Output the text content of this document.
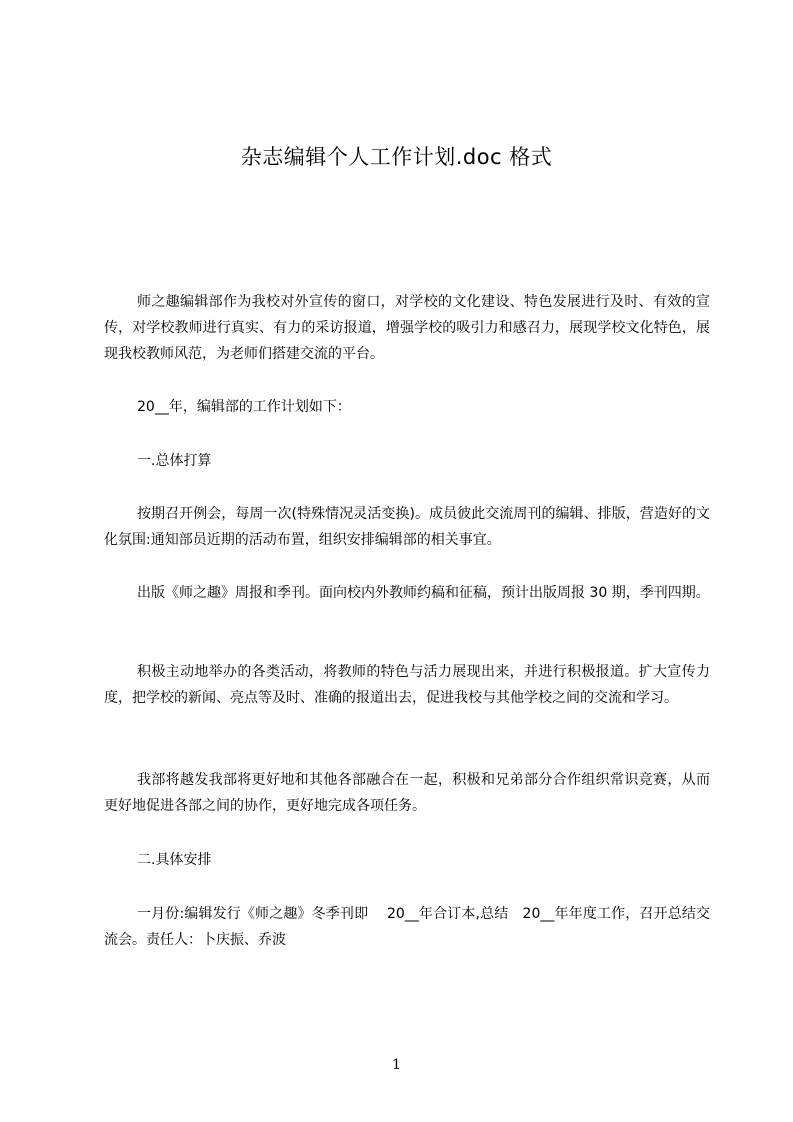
杂志编辑个人工作计划.doc 格式

师之趣编辑部作为我校对外宣传的窗口，对学校的文化建设、特色发展进行及时、有效的宣传，对学校教师进行真实、有力的采访报道，增强学校的吸引力和感召力，展现学校文化特色，展现我校教师风范，为老师们搭建交流的平台。

20__年，编辑部的工作计划如下：

一.总体打算

按期召开例会，每周一次(特殊情况灵活变换)。成员彼此交流周刊的编辑、排版，营造好的文化氛围:通知部员近期的活动布置，组织安排编辑部的相关事宜。

出版《师之趣》周报和季刊。面向校内外教师约稿和征稿，预计出版周报 30 期，季刊四期。

积极主动地举办的各类活动，将教师的特色与活力展现出来，并进行积极报道。扩大宣传力度，把学校的新闻、亮点等及时、准确的报道出去，促进我校与其他学校之间的交流和学习。

我部将越发我部将更好地和其他各部融合在一起，积极和兄弟部分合作组织常识竞赛，从而更好地促进各部之间的协作，更好地完成各项任务。

二.具体安排

一月份:编辑发行《师之趣》冬季刊即　 20__年合订本,总结　20__年年度工作，召开总结交流会。责任人：卜庆振、乔波

1
